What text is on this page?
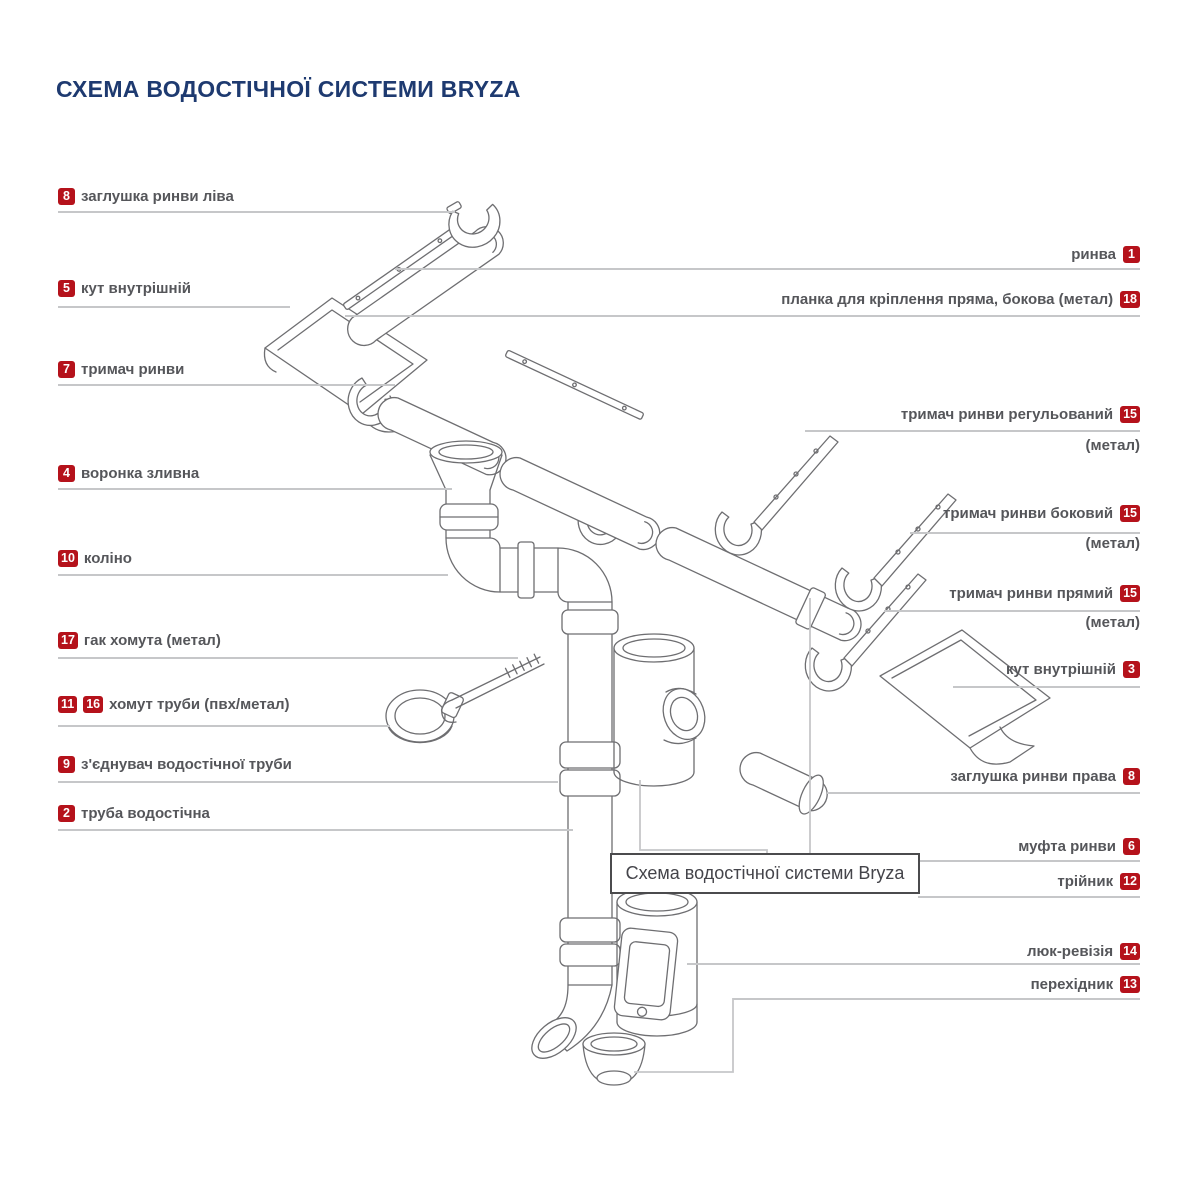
СХЕМА ВОДОСТІЧНОЇ СИСТЕМИ BRYZA
8 заглушка ринви ліва
5 кут внутрішній
7 тримач ринви
4 воронка зливна
10 коліно
17 гак хомута (метал)
11 16 хомут труби (пвх/метал)
9 з'єднувач водостічної труби
2 труба водостічна
ринва 1
планка для кріплення пряма, бокова (метал) 18
тримач ринви регульований 15
(метал)
тримач ринви боковий 15
(метал)
тримач ринви прямий 15
(метал)
кут внутрішній 3
заглушка ринви права 8
муфта ринви 6
трійник 12
люк-ревізія 14
перехідник 13
Схема водостічної системи Bryza
